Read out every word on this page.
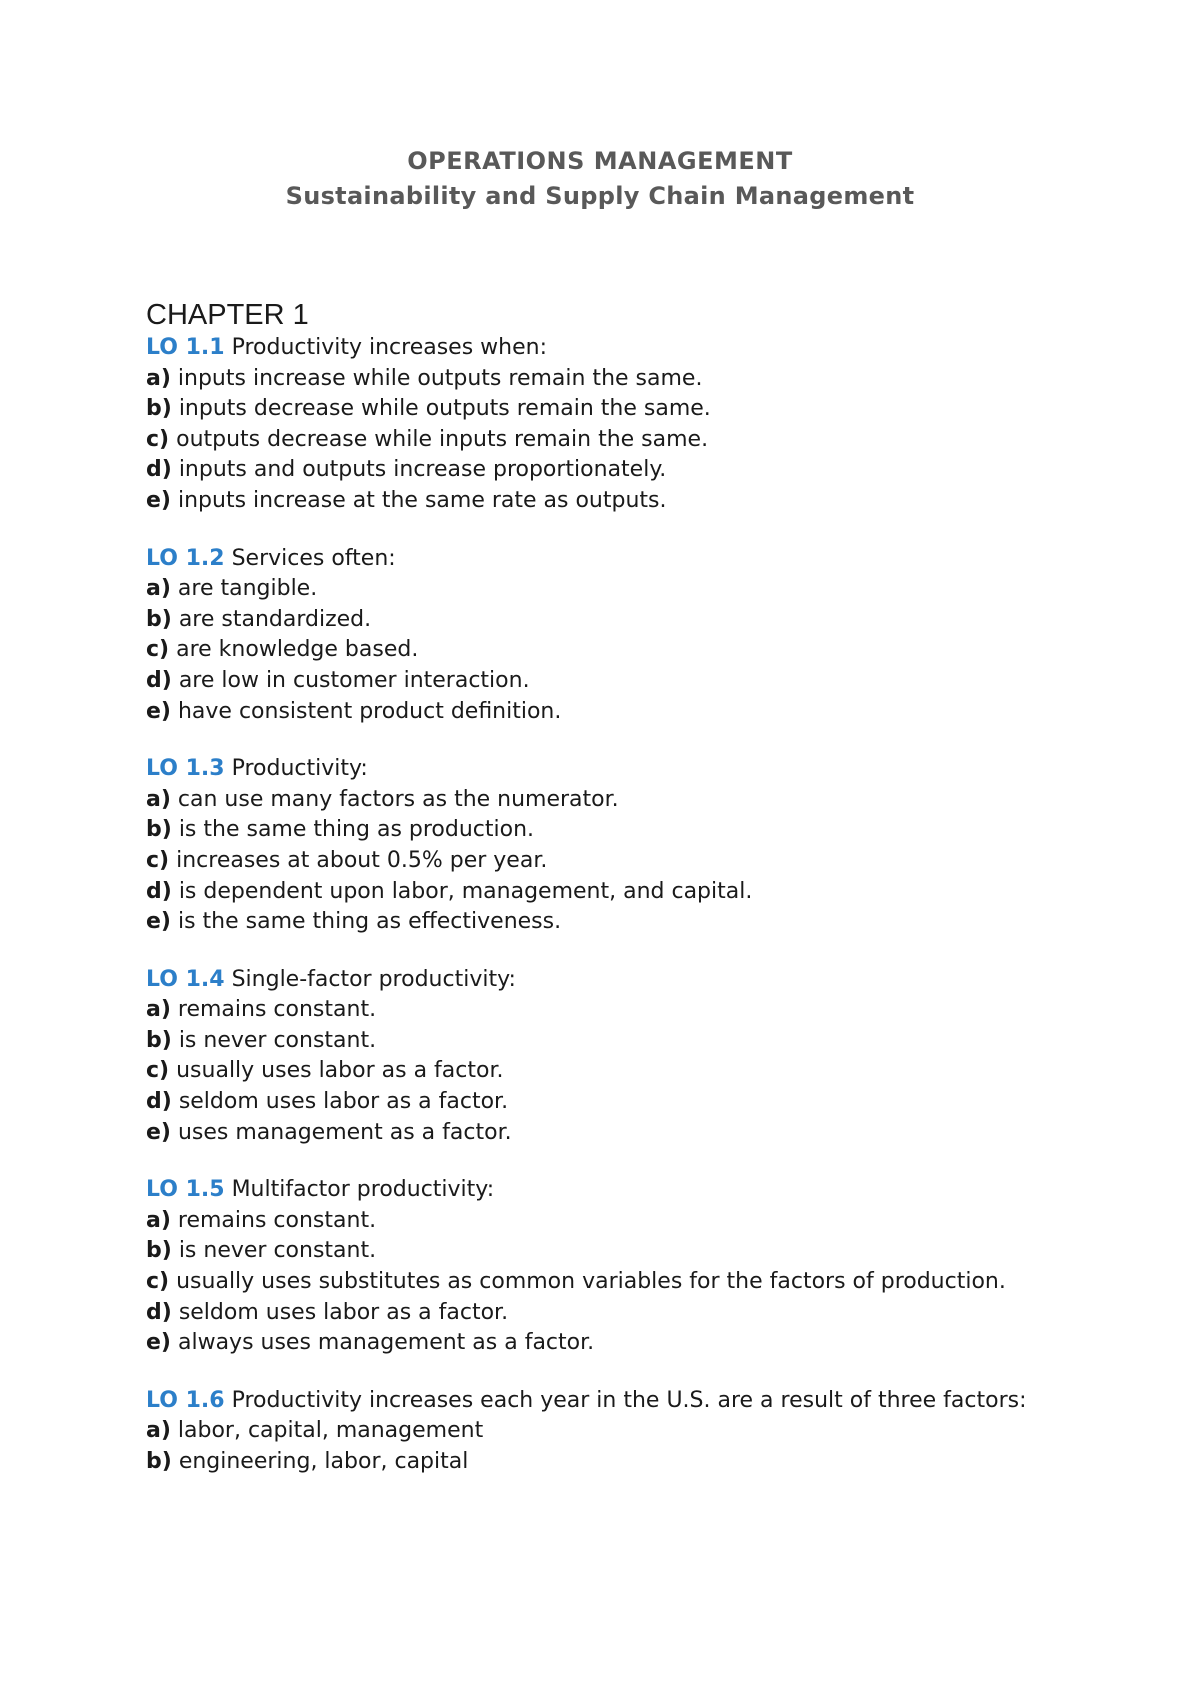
OPERATIONS MANAGEMENT
Sustainability and Supply Chain Management
CHAPTER 1

LO 1.1 Productivity increases when:

a) inputs increase while outputs remain the same.

b) inputs decrease while outputs remain the same.

c) outputs decrease while inputs remain the same.

d) inputs and outputs increase proportionately.

e) inputs increase at the same rate as outputs.

LO 1.2 Services often:

a) are tangible.

b) are standardized.

c) are knowledge based.

d) are low in customer interaction.

e) have consistent product definition.

LO 1.3 Productivity:

a) can use many factors as the numerator.

b) is the same thing as production.

c) increases at about 0.5% per year.

d) is dependent upon labor, management, and capital.

e) is the same thing as effectiveness.

LO 1.4 Single-factor productivity:

a) remains constant.

b) is never constant.

c) usually uses labor as a factor.

d) seldom uses labor as a factor.

e) uses management as a factor.

LO 1.5 Multifactor productivity:

a) remains constant.

b) is never constant.

c) usually uses substitutes as common variables for the factors of production.

d) seldom uses labor as a factor.

e) always uses management as a factor.

LO 1.6 Productivity increases each year in the U.S. are a result of three factors:

a) labor, capital, management

b) engineering, labor, capital
